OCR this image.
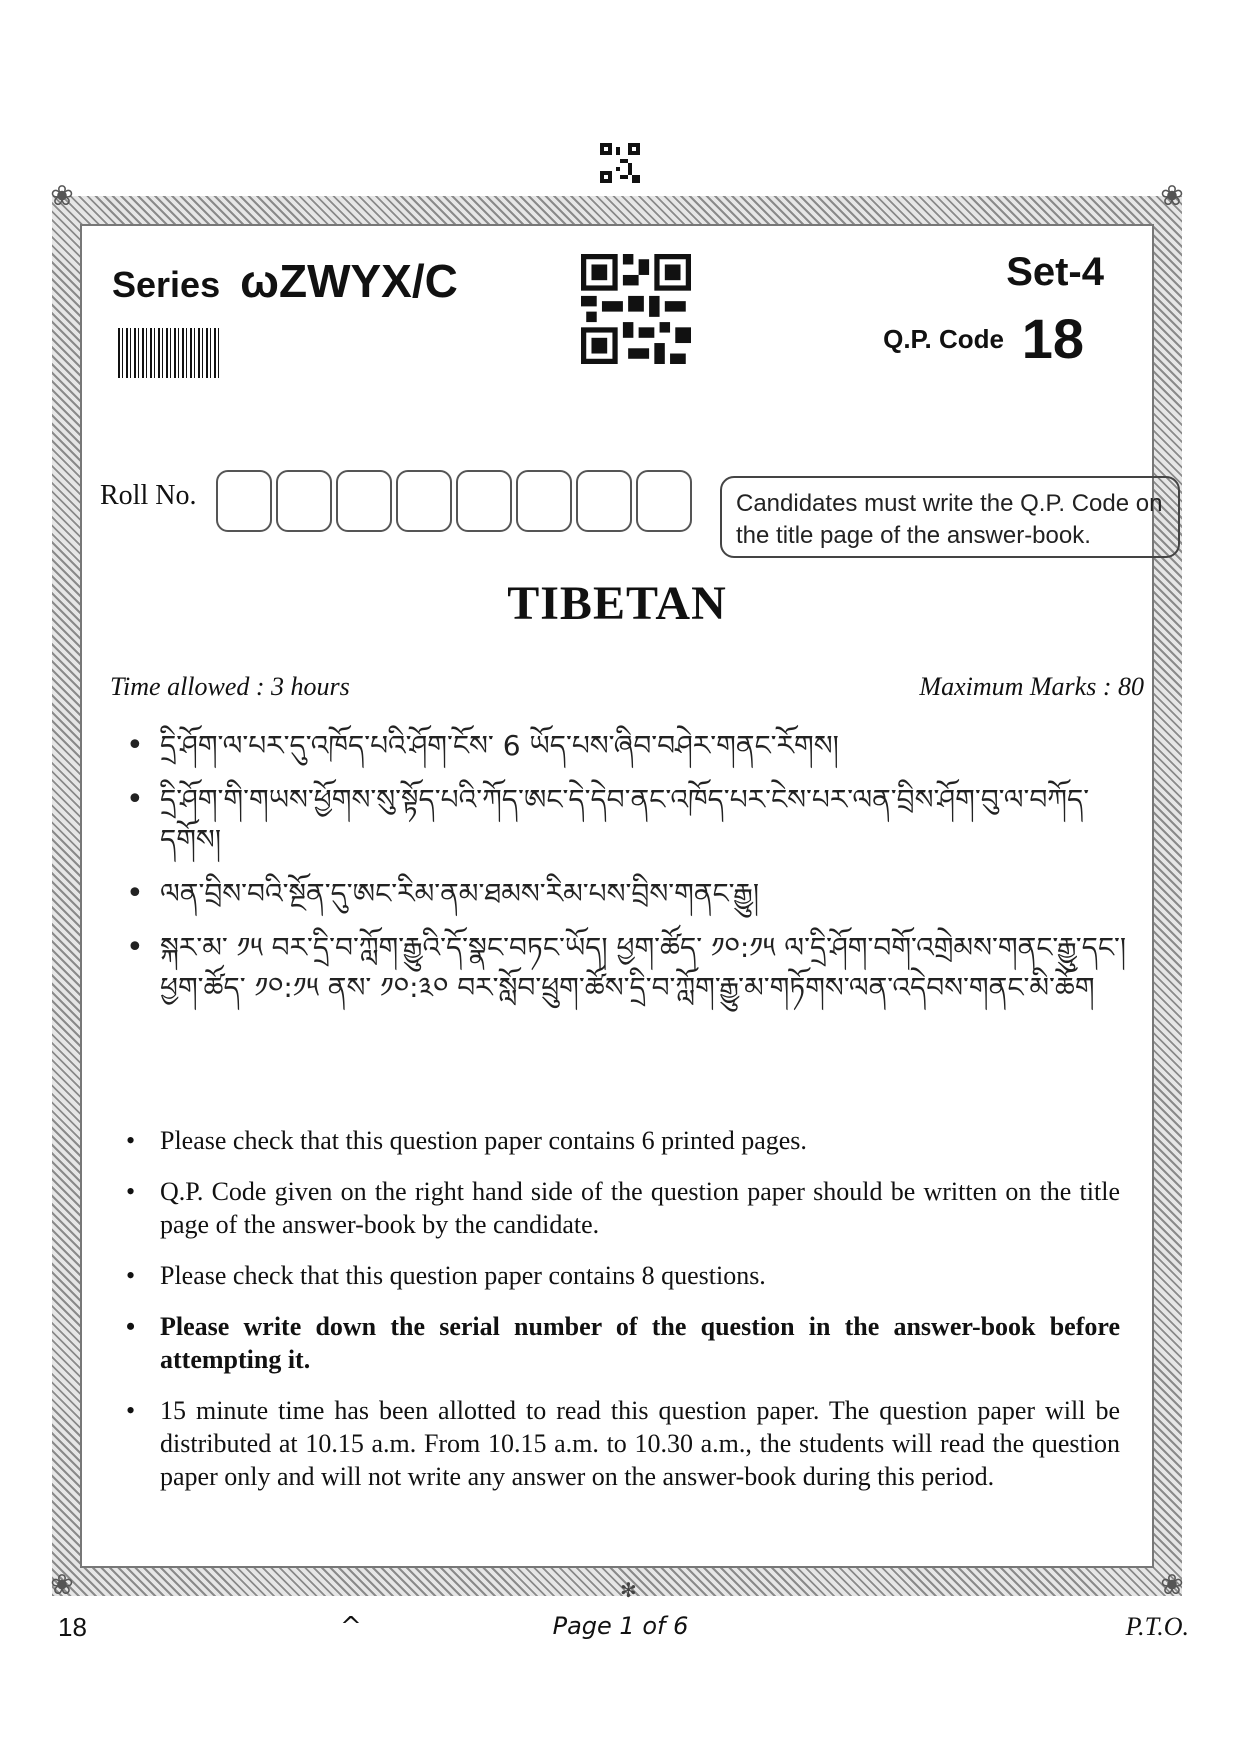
❀	❀
❀	❀
Series ωZWYX/C	Set-4
Q.P. Code 18
Roll No.	Candidates must write the Q.P. Code on the title page of the answer-book.
TIBETAN
Time allowed : 3 hours	Maximum Marks : 80
• དྲི་ཤོག་ལ་པར་དུ་འཁོད་པའི་ཤོག་ངོས་ 6 ཡོད་པས་ཞིབ་བཤེར་གནང་རོགས།
• དྲི་ཤོག་གི་གཡས་ཕྱོགས་སུ་སྟོད་པའི་ཀོད་ཨང་དེ་དེབ་ནང་འཁོད་པར་ངེས་པར་ལན་བྲིས་ཤོག་བུ་ལ་བཀོད་དགོས།
• ལན་བྲིས་བའི་སྔོན་དུ་ཨང་རིམ་ནམ་ཐམས་རིམ་པས་བྲིས་གནང་རྒྱུ།
• སྐར་མ་ ༡༥ བར་དྲི་བ་ཀློག་རྒྱུའི་དོ་སྣང་བཏང་ཡོད། ཕྱག་ཚོད་ ༡༠:༡༥ ལ་དྲི་ཤོག་བགོ་འགྲེམས་གནང་རྒྱུ་དང་། ཕྱག་ཚོད་ ༡༠:༡༥ ནས་ ༡༠:༣༠ བར་སློབ་ཕྲུག་ཚོས་དྲི་བ་ཀློག་རྒྱུ་མ་གཏོགས་ལན་འདེབས་གནང་མི་ཆོག
• Please check that this question paper contains 6 printed pages.
• Q.P. Code given on the right hand side of the question paper should be written on the title page of the answer-book by the candidate.
• Please check that this question paper contains 8 questions.
• Please write down the serial number of the question in the answer-book before attempting it.
• 15 minute time has been allotted to read this question paper. The question paper will be distributed at 10.15 a.m. From 10.15 a.m. to 10.30 a.m., the students will read the question paper only and will not write any answer on the answer-book during this period.
✻
18	^	Page 1 of 6	P.T.O.
